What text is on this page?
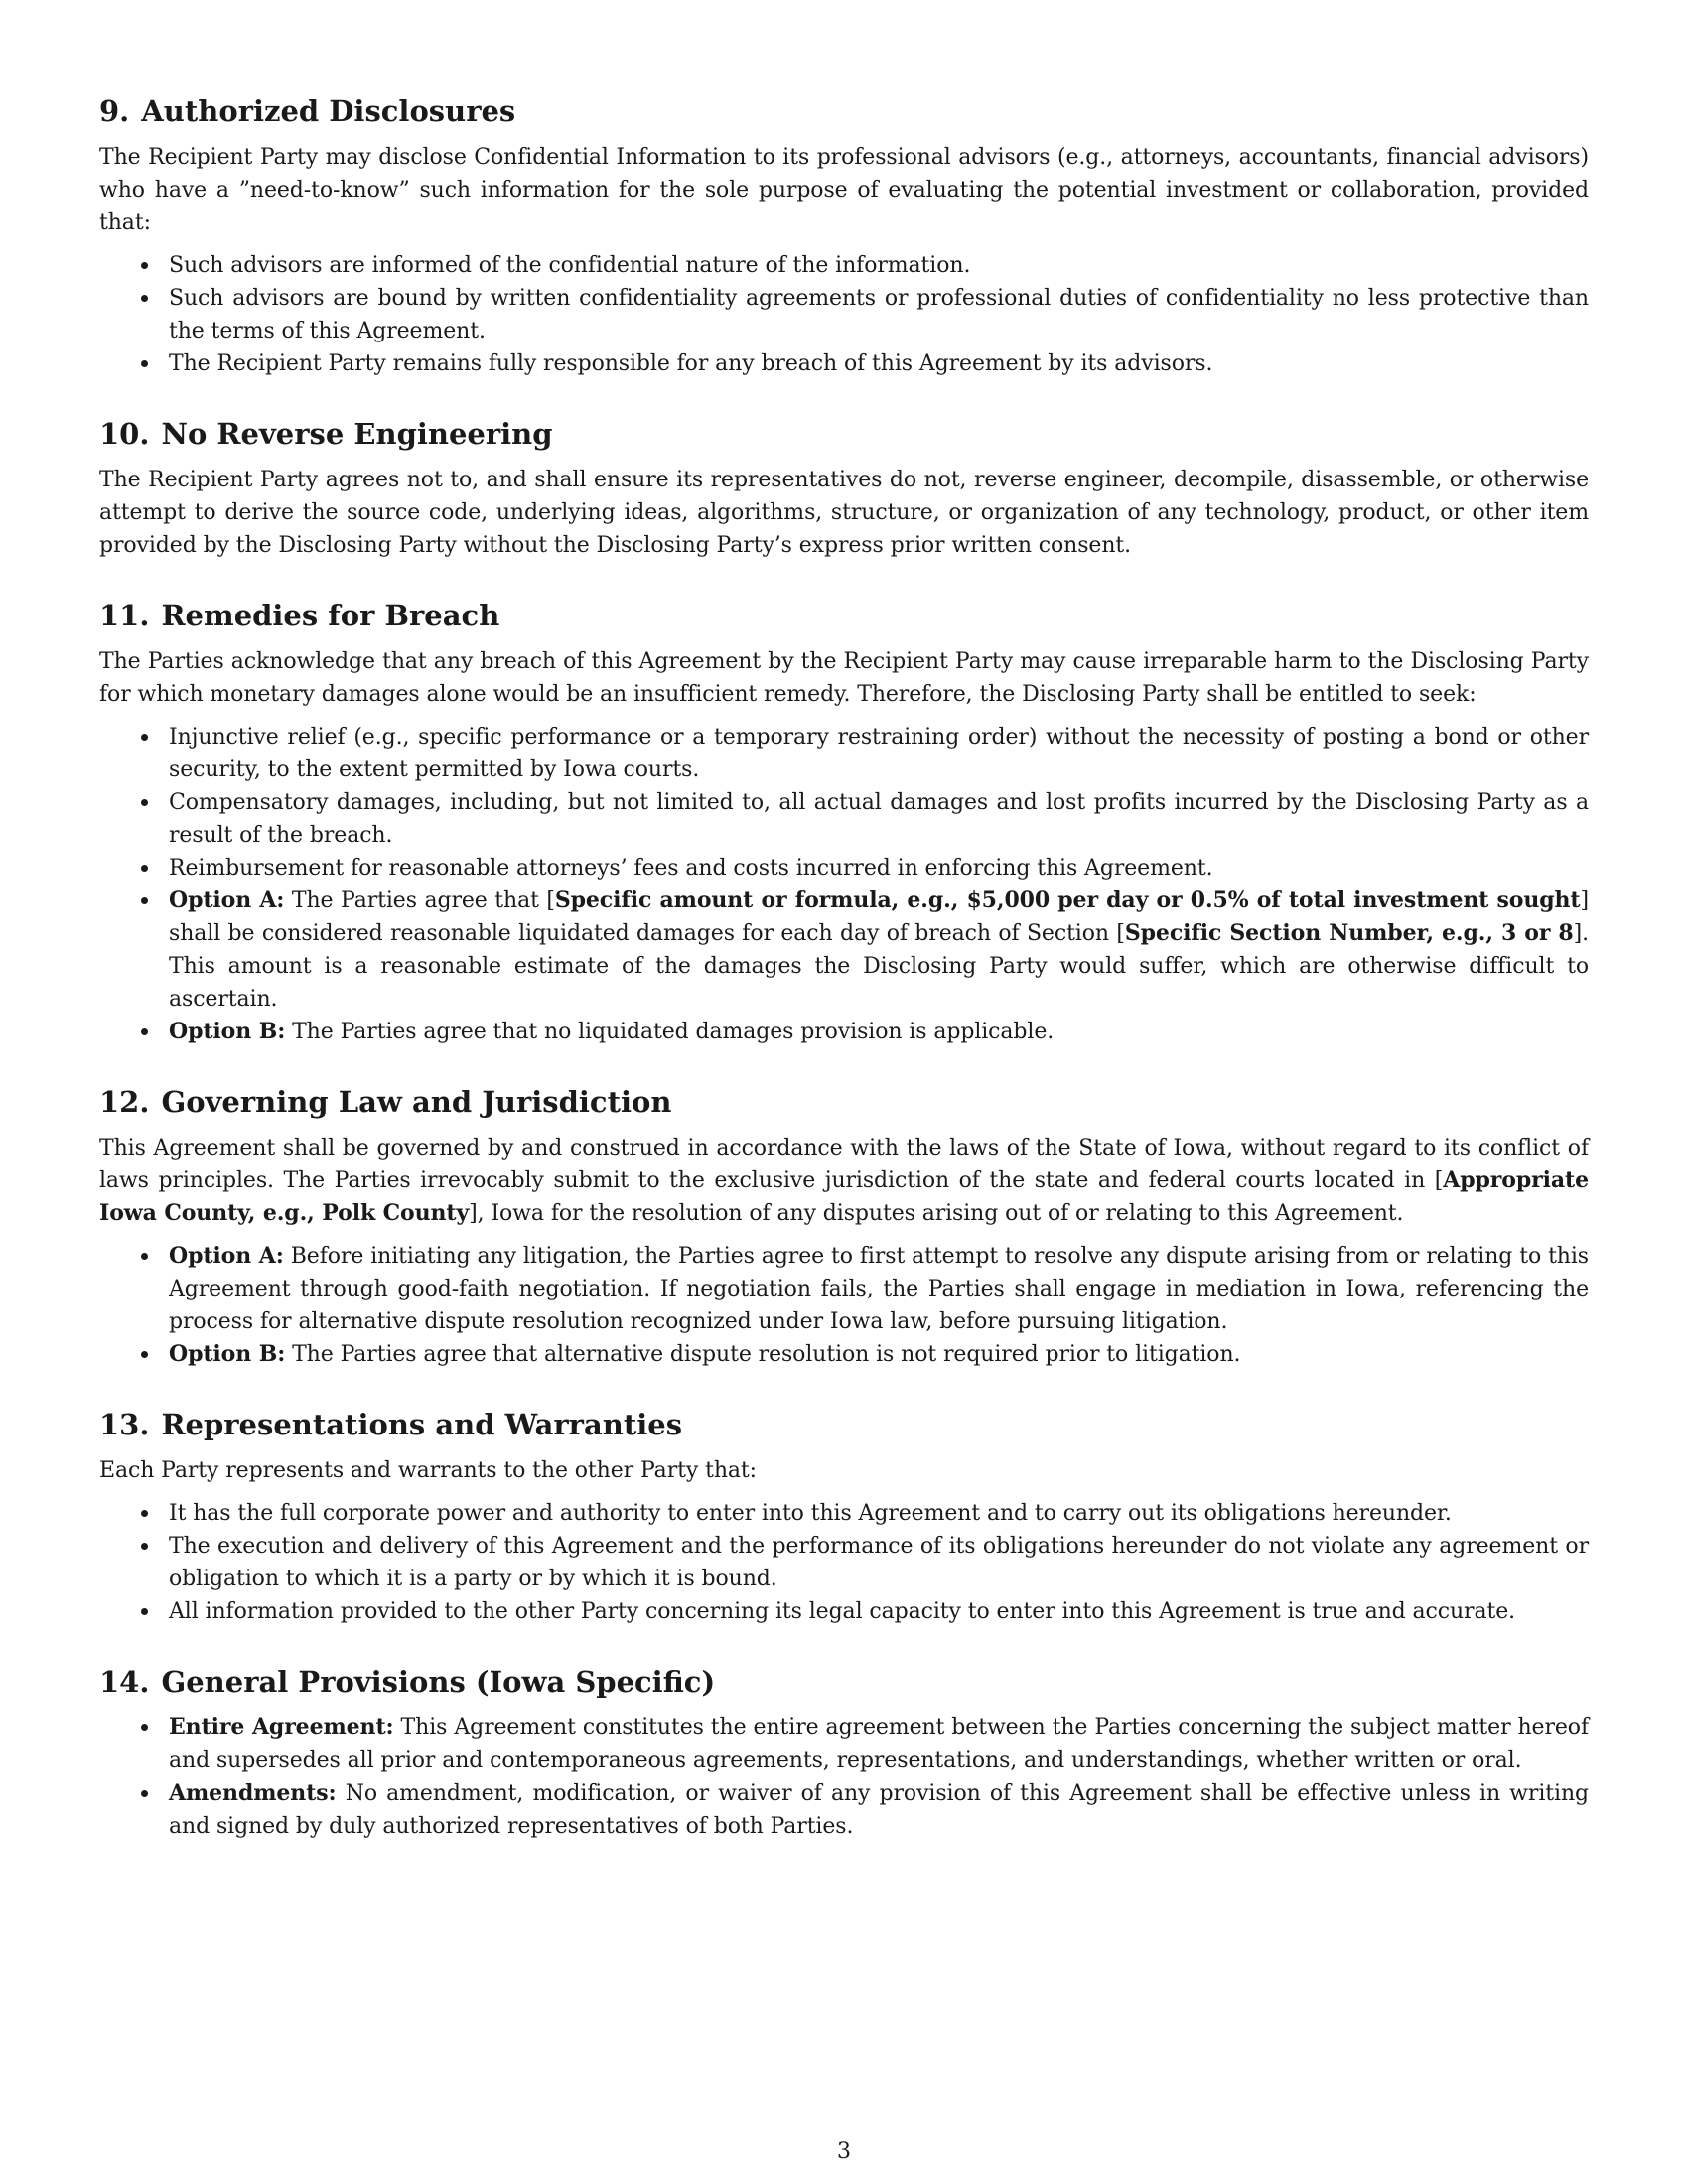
9. Authorized Disclosures

The Recipient Party may disclose Confidential Information to its professional advisors (e.g., attorneys, accountants, financial advisors) who have a ”need-to-know” such information for the sole purpose of evaluating the potential investment or collaboration, provided that:

Such advisors are informed of the confidential nature of the information.
Such advisors are bound by written confidentiality agreements or professional duties of confidentiality no less protective than the terms of this Agreement.
The Recipient Party remains fully responsible for any breach of this Agreement by its advisors.
10. No Reverse Engineering

The Recipient Party agrees not to, and shall ensure its representatives do not, reverse engineer, decompile, disassemble, or otherwise attempt to derive the source code, underlying ideas, algorithms, structure, or organization of any technology, product, or other item provided by the Disclosing Party without the Disclosing Party’s express prior written consent.

11. Remedies for Breach

The Parties acknowledge that any breach of this Agreement by the Recipient Party may cause irreparable harm to the Disclosing Party for which monetary damages alone would be an insufficient remedy. Therefore, the Disclosing Party shall be entitled to seek:

Injunctive relief (e.g., specific performance or a temporary restraining order) without the necessity of posting a bond or other security, to the extent permitted by Iowa courts.
Compensatory damages, including, but not limited to, all actual damages and lost profits incurred by the Disclosing Party as a result of the breach.
Reimbursement for reasonable attorneys’ fees and costs incurred in enforcing this Agreement.
Option A: The Parties agree that [Specific amount or formula, e.g., $5,000 per day or 0.5% of total investment sought] shall be considered reasonable liquidated damages for each day of breach of Section [Specific Section Number, e.g., 3 or 8]. This amount is a reasonable estimate of the damages the Disclosing Party would suffer, which are otherwise difficult to ascertain.
Option B: The Parties agree that no liquidated damages provision is applicable.
12. Governing Law and Jurisdiction

This Agreement shall be governed by and construed in accordance with the laws of the State of Iowa, without regard to its conflict of laws principles. The Parties irrevocably submit to the exclusive jurisdiction of the state and federal courts located in [Appropriate Iowa County, e.g., Polk County], Iowa for the resolution of any disputes arising out of or relating to this Agreement.

Option A: Before initiating any litigation, the Parties agree to first attempt to resolve any dispute arising from or relating to this Agreement through good-faith negotiation. If negotiation fails, the Parties shall engage in mediation in Iowa, referencing the process for alternative dispute resolution recognized under Iowa law, before pursuing litigation.
Option B: The Parties agree that alternative dispute resolution is not required prior to litigation.
13. Representations and Warranties

Each Party represents and warrants to the other Party that:

It has the full corporate power and authority to enter into this Agreement and to carry out its obligations hereunder.
The execution and delivery of this Agreement and the performance of its obligations hereunder do not violate any agreement or obligation to which it is a party or by which it is bound.
All information provided to the other Party concerning its legal capacity to enter into this Agreement is true and accurate.
14. General Provisions (Iowa Specific)
Entire Agreement: This Agreement constitutes the entire agreement between the Parties concerning the subject matter hereof and supersedes all prior and contemporaneous agreements, representations, and understandings, whether written or oral.
Amendments: No amendment, modification, or waiver of any provision of this Agreement shall be effective unless in writing and signed by duly authorized representatives of both Parties.
3
